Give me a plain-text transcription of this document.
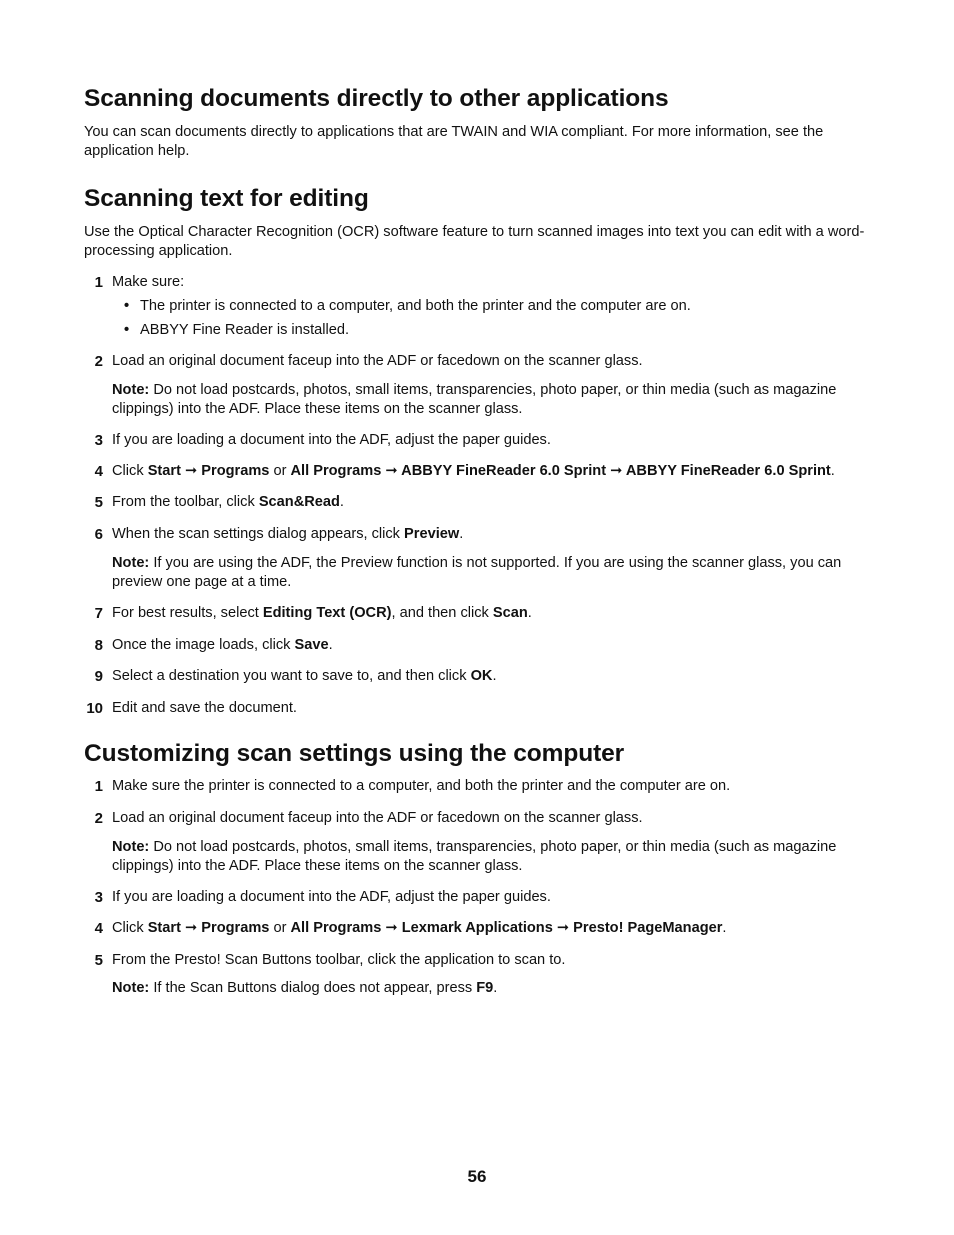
Scanning documents directly to other applications

You can scan documents directly to applications that are TWAIN and WIA compliant. For more information, see the application help.

Scanning text for editing

Use the Optical Character Recognition (OCR) software feature to turn scanned images into text you can edit with a word-processing application.

1 Make sure:
• The printer is connected to a computer, and both the printer and the computer are on.
• ABBYY Fine Reader is installed.
2 Load an original document faceup into the ADF or facedown on the scanner glass.
Note: Do not load postcards, photos, small items, transparencies, photo paper, or thin media (such as magazine clippings) into the ADF. Place these items on the scanner glass.
3 If you are loading a document into the ADF, adjust the paper guides.
4 Click Start ➞ Programs or All Programs ➞ ABBYY FineReader 6.0 Sprint ➞ ABBYY FineReader 6.0 Sprint.
5 From the toolbar, click Scan&Read.
6 When the scan settings dialog appears, click Preview.
Note: If you are using the ADF, the Preview function is not supported. If you are using the scanner glass, you can preview one page at a time.
7 For best results, select Editing Text (OCR), and then click Scan.
8 Once the image loads, click Save.
9 Select a destination you want to save to, and then click OK.
10 Edit and save the document.
Customizing scan settings using the computer
1 Make sure the printer is connected to a computer, and both the printer and the computer are on.
2 Load an original document faceup into the ADF or facedown on the scanner glass.
Note: Do not load postcards, photos, small items, transparencies, photo paper, or thin media (such as magazine clippings) into the ADF. Place these items on the scanner glass.
3 If you are loading a document into the ADF, adjust the paper guides.
4 Click Start ➞ Programs or All Programs ➞ Lexmark Applications ➞ Presto! PageManager.
5 From the Presto! Scan Buttons toolbar, click the application to scan to.
Note: If the Scan Buttons dialog does not appear, press F9.
56
